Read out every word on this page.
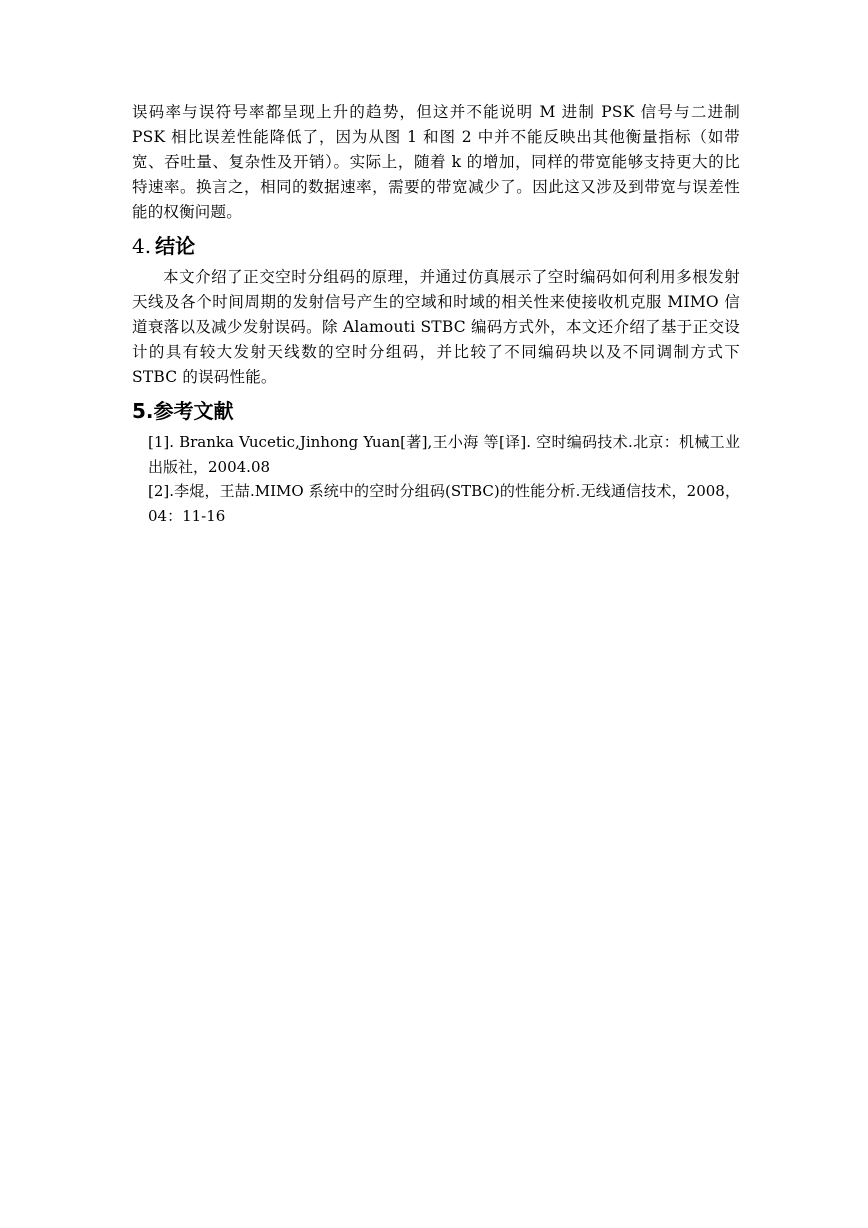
误码率与误符号率都呈现上升的趋势，但这并不能说明 M 进制 PSK 信号与二进制 PSK 相比误差性能降低了，因为从图 1 和图 2 中并不能反映出其他衡量指标（如带宽、吞吐量、复杂性及开销）。实际上，随着 k 的增加，同样的带宽能够支持更大的比特速率。换言之，相同的数据速率，需要的带宽减少了。因此这又涉及到带宽与误差性能的权衡问题。

4. 结论

本文介绍了正交空时分组码的原理，并通过仿真展示了空时编码如何利用多根发射天线及各个时间周期的发射信号产生的空域和时域的相关性来使接收机克服 MIMO 信道衰落以及减少发射误码。除 Alamouti STBC 编码方式外，本文还介绍了基于正交设计的具有较大发射天线数的空时分组码，并比较了不同编码块以及不同调制方式下 STBC 的误码性能。

5.参考文献
[1]. Branka Vucetic,Jinhong Yuan[著],王小海 等[译]. 空时编码技术.北京：机械工业出版社，2004.08
[2].李焜，王喆.MIMO 系统中的空时分组码(STBC)的性能分析.无线通信技术，2008，04：11-16
